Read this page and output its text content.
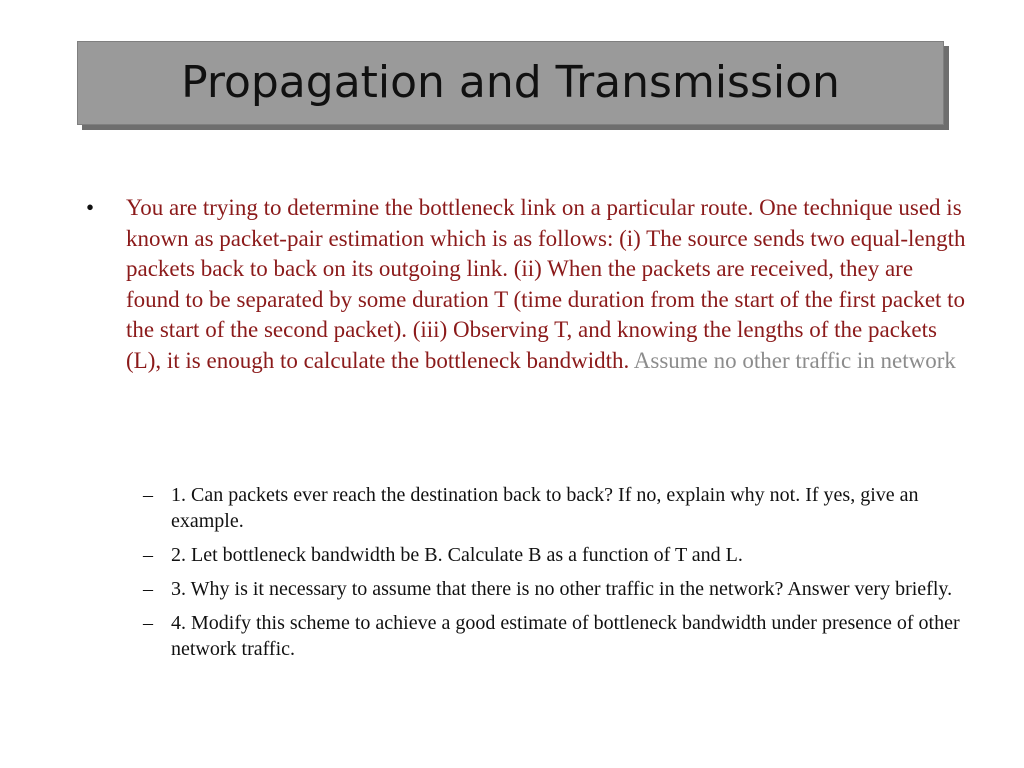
Propagation and Transmission
• You are trying to determine the bottleneck link on a particular route. One technique used is known as packet-pair estimation which is as follows: (i) The source sends two equal-length packets back to back on its outgoing link. (ii) When the packets are received, they are found to be separated by some duration T (time duration from the start of the first packet to the start of the second packet). (iii) Observing T, and knowing the lengths of the packets (L), it is enough to calculate the bottleneck bandwidth. Assume no other traffic in network
– 1. Can packets ever reach the destination back to back? If no, explain why not. If yes, give an example.
– 2. Let bottleneck bandwidth be B. Calculate B as a function of T and L.
– 3. Why is it necessary to assume that there is no other traffic in the network? Answer very briefly.
– 4. Modify this scheme to achieve a good estimate of bottleneck bandwidth under presence of other network traffic.
